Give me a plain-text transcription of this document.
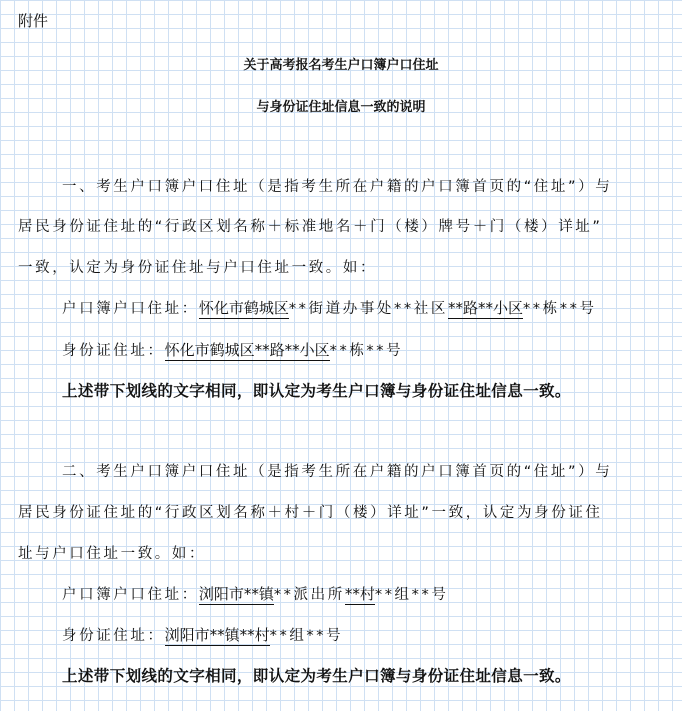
附件
关于高考报名考生户口簿户口住址
与身份证住址信息一致的说明
一、考生户口簿户口住址（是指考生所在户籍的户口簿首页的“住址”）与
居民身份证住址的“行政区划名称＋标准地名＋门（楼）牌号＋门（楼）详址”
一致，认定为身份证住址与户口住址一致。如：
户口簿户口住址：怀化市鹤城区**街道办事处**社区**路**小区**栋**号
身份证住址：怀化市鹤城区**路**小区**栋**号
上述带下划线的文字相同，即认定为考生户口簿与身份证住址信息一致。
二、考生户口簿户口住址（是指考生所在户籍的户口簿首页的“住址”）与
居民身份证住址的“行政区划名称＋村＋门（楼）详址”一致，认定为身份证住
址与户口住址一致。如：
户口簿户口住址：浏阳市**镇**派出所**村**组**号
身份证住址：浏阳市**镇**村**组**号
上述带下划线的文字相同，即认定为考生户口簿与身份证住址信息一致。
